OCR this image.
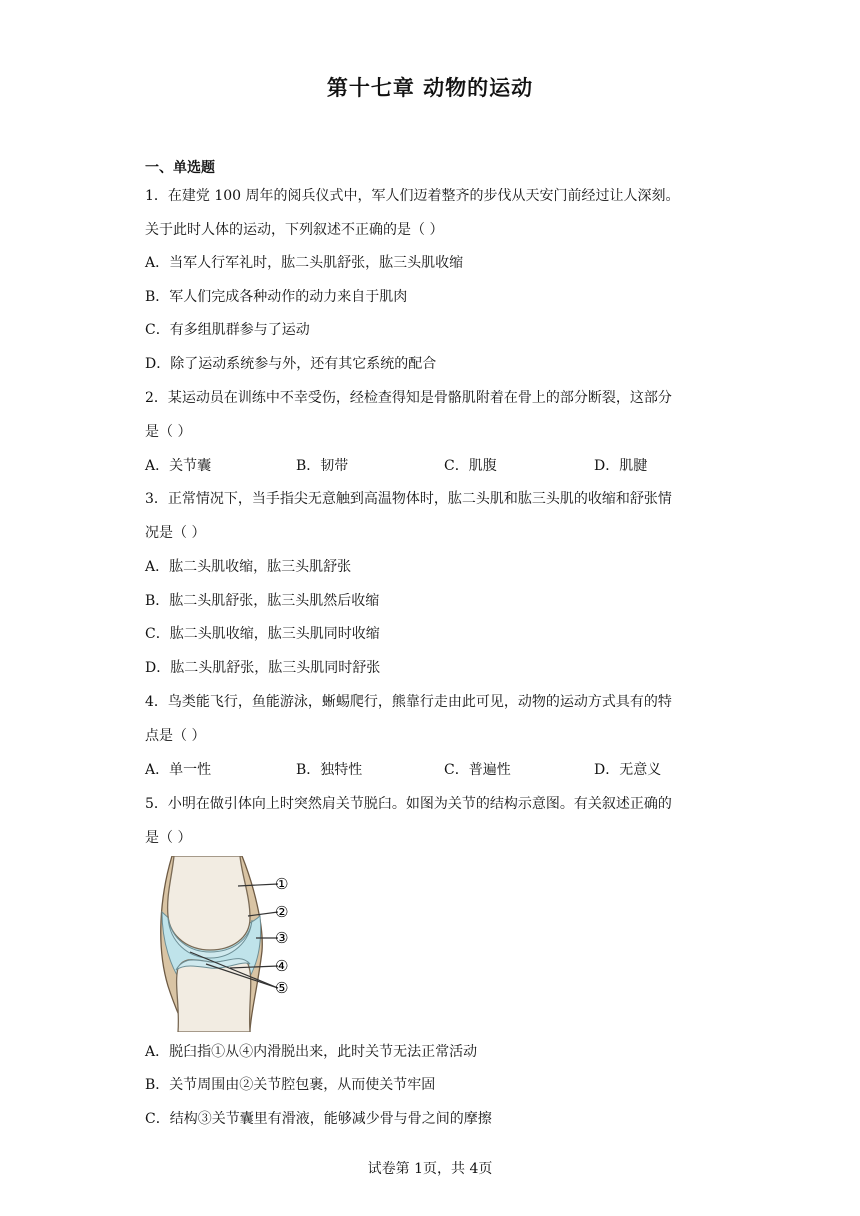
第十七章 动物的运动
一、单选题
1．在建党 100 周年的阅兵仪式中，军人们迈着整齐的步伐从天安门前经过让人深刻。
关于此时人体的运动，下列叙述不正确的是（ ）
A．当军人行军礼时，肱二头肌舒张，肱三头肌收缩
B．军人们完成各种动作的动力来自于肌肉
C．有多组肌群参与了运动
D．除了运动系统参与外，还有其它系统的配合
2．某运动员在训练中不幸受伤，经检查得知是骨骼肌附着在骨上的部分断裂，这部分
是（ ）
A．关节囊	B．韧带	C．肌腹	D．肌腱
3．正常情况下，当手指尖无意触到高温物体时，肱二头肌和肱三头肌的收缩和舒张情
况是（ ）
A．肱二头肌收缩，肱三头肌舒张
B．肱二头肌舒张，肱三头肌然后收缩
C．肱二头肌收缩，肱三头肌同时收缩
D．肱二头肌舒张，肱三头肌同时舒张
4．鸟类能飞行，鱼能游泳，蜥蜴爬行，熊靠行走由此可见，动物的运动方式具有的特
点是（ ）
A．单一性	B．独特性	C．普遍性	D．无意义
5．小明在做引体向上时突然肩关节脱臼。如图为关节的结构示意图。有关叙述正确的
是（ ）
①
②
③
④
⑤
A．脱臼指①从④内滑脱出来，此时关节无法正常活动
B．关节周围由②关节腔包裹，从而使关节牢固
C．结构③关节囊里有滑液，能够减少骨与骨之间的摩擦
试卷第 1页，共 4页
